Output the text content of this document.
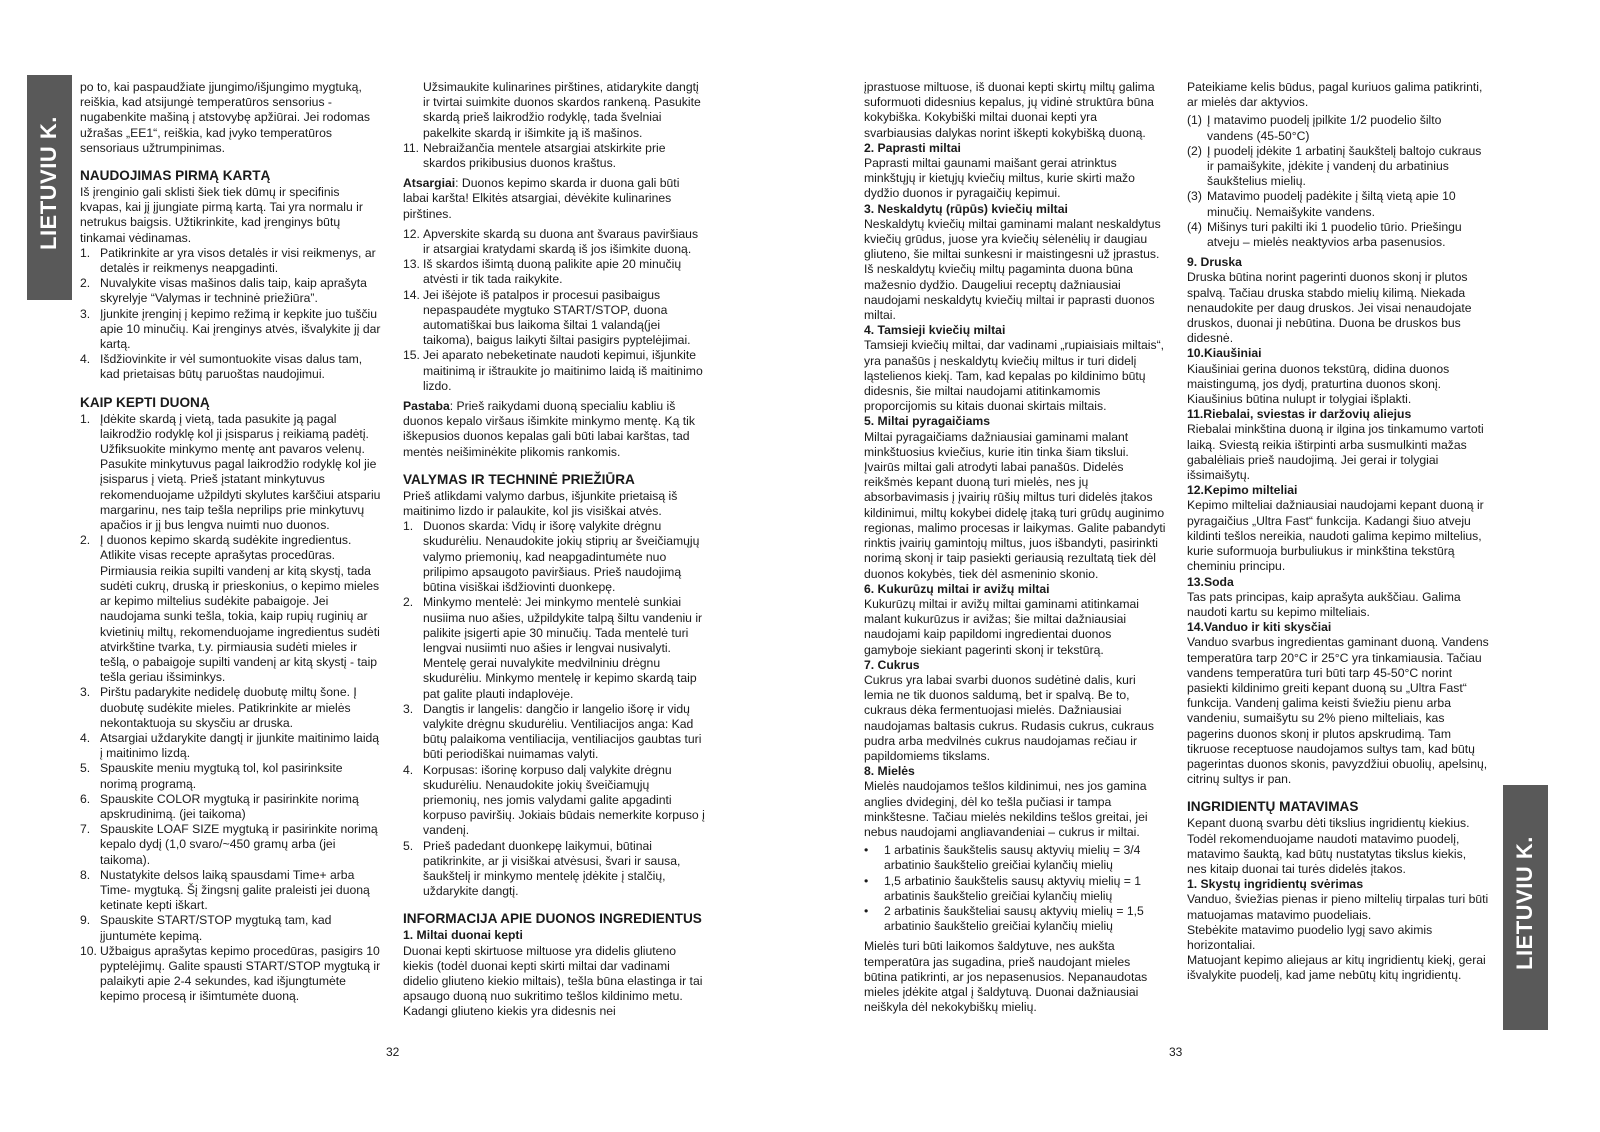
LIETUVIU K.
LIETUVIU K.

po to, kai paspaudžiate įjungimo/išjungimo mygtuką, reiškia, kad atsijungė temperatūros sensorius - nugabenkite mašiną į atstovybę apžiūrai. Jei rodomas užrašas „EE1“, reiškia, kad įvyko temperatūros sensoriaus užtrumpinimas.

NAUDOJIMAS PIRMĄ KARTĄ

Iš įrenginio gali sklisti šiek tiek dūmų ir specifinis kvapas, kai jį įjungiate pirmą kartą. Tai yra normalu ir netrukus baigsis. Užtikrinkite, kad įrenginys būtų tinkamai vėdinamas.

1. Patikrinkite ar yra visos detalės ir visi reikmenys, ar detalės ir reikmenys neapgadinti.
2. Nuvalykite visas mašinos dalis taip, kaip aprašyta skyrelyje “Valymas ir techninė priežiūra”.
3. Įjunkite įrenginį į kepimo režimą ir kepkite juo tuščiu apie 10 minučių. Kai įrenginys atvės, išvalykite jį dar kartą.
4. Išdžiovinkite ir vėl sumontuokite visas dalus tam, kad prietaisas būtų paruoštas naudojimui.
KAIP KEPTI DUONĄ
1. Įdėkite skardą į vietą, tada pasukite ją pagal laikrodžio rodyklę kol ji įsisparus į reikiamą padėtį. Užfiksuokite minkymo mentę ant pavaros velenų. Pasukite minkytuvus pagal laikrodžio rodyklę kol jie įsisparus į vietą. Prieš įstatant minkytuvus rekomenduojame užpildyti skylutes karščiui atspariu margarinu, nes taip tešla neprilips prie minkytuvų apačios ir jį bus lengva nuimti nuo duonos.
2. Į duonos kepimo skardą sudėkite ingredientus. Atlikite visas recepte aprašytas procedūras. Pirmiausia reikia supilti vandenį ar kitą skystį, tada sudėti cukrų, druską ir prieskonius, o kepimo mieles ar kepimo miltelius sudėkite pabaigoje. Jei naudojama sunki tešla, tokia, kaip rupių ruginių ar kvietinių miltų, rekomenduojame ingredientus sudėti atvirkštine tvarka, t.y. pirmiausia sudėti mieles ir tešlą, o pabaigoje supilti vandenį ar kitą skystį - taip tešla geriau išsiminkys.
3. Pirštu padarykite nedidelę duobutę miltų šone. Į duobutę sudėkite mieles. Patikrinkite ar mielės nekontaktuoja su skysčiu ar druska.
4. Atsargiai uždarykite dangtį ir įjunkite maitinimo laidą į maitinimo lizdą.
5. Spauskite meniu mygtuką tol, kol pasirinksite norimą programą.
6. Spauskite COLOR mygtuką ir pasirinkite norimą apskrudinimą. (jei taikoma)
7. Spauskite LOAF SIZE mygtuką ir pasirinkite norimą kepalo dydį (1,0 svaro/~450 gramų arba (jei taikoma).
8. Nustatykite delsos laiką spausdami Time+ arba Time- mygtuką. Šį žingsnį galite praleisti jei duoną ketinate kepti iškart.
9. Spauskite START/STOP mygtuką tam, kad įjuntumėte kepimą.
10. Užbaigus aprašytas kepimo procedūras, pasigirs 10 pyptelėjimų. Galite spausti START/STOP mygtuką ir palaikyti apie 2-4 sekundes, kad išjungtumėte kepimo procesą ir išimtumėte duoną.
Užsimaukite kulinarines pirštines, atidarykite dangtį ir tvirtai suimkite duonos skardos rankeną. Pasukite skardą prieš laikrodžio rodyklę, tada švelniai pakelkite skardą ir išimkite ją iš mašinos.
11. Nebraižančia mentele atsargiai atskirkite prie skardos prikibusius duonos kraštus.

Atsargiai: Duonos kepimo skarda ir duona gali būti labai karšta! Elkitės atsargiai, dėvėkite kulinarines pirštines.

12. Apverskite skardą su duona ant švaraus paviršiaus ir atsargiai kratydami skardą iš jos išimkite duoną.
13. Iš skardos išimtą duoną palikite apie 20 minučių atvėsti ir tik tada raikykite.
14. Jei išėjote iš patalpos ir procesui pasibaigus nepaspaudėte mygtuko START/STOP, duona automatiškai bus laikoma šiltai 1 valandą(jei taikoma), baigus laikyti šiltai pasigirs pyptelėjimai.
15. Jei aparato nebeketinate naudoti kepimui, išjunkite maitinimą ir ištraukite jo maitinimo laidą iš maitinimo lizdo.

Pastaba: Prieš raikydami duoną specialiu kabliu iš duonos kepalo viršaus išimkite minkymo mentę. Ką tik iškepusios duonos kepalas gali būti labai karštas, tad mentės neišiminėkite plikomis rankomis.

VALYMAS IR TECHNINĖ PRIEŽIŪRA

Prieš atlikdami valymo darbus, išjunkite prietaisą iš maitinimo lizdo ir palaukite, kol jis visiškai atvės.

1. Duonos skarda: Vidų ir išorę valykite drėgnu skudurėliu. Nenaudokite jokių stiprių ar šveičiamųjų valymo priemonių, kad neapgadintumėte nuo prilipimo apsaugoto paviršiaus. Prieš naudojimą būtina visiškai išdžiovinti duonkepę.
2. Minkymo mentelė: Jei minkymo mentelė sunkiai nusiima nuo ašies, užpildykite talpą šiltu vandeniu ir palikite įsigerti apie 30 minučių. Tada mentelė turi lengvai nusiimti nuo ašies ir lengvai nusivalyti. Mentelę gerai nuvalykite medvilniniu drėgnu skudurėliu. Minkymo mentelę ir kepimo skardą taip pat galite plauti indaplovėje.
3. Dangtis ir langelis: dangčio ir langelio išorę ir vidų valykite drėgnu skudurėliu. Ventiliacijos anga: Kad būtų palaikoma ventiliacija, ventiliacijos gaubtas turi būti periodiškai nuimamas valyti.
4. Korpusas: išorinę korpuso dalį valykite drėgnu skudurėliu. Nenaudokite jokių šveičiamųjų priemonių, nes jomis valydami galite apgadinti korpuso paviršių. Jokiais būdais nemerkite korpuso į vandenį.
5. Prieš padedant duonkepę laikymui, būtinai patikrinkite, ar ji visiškai atvėsusi, švari ir sausa, šaukštelį ir minkymo mentelę įdėkite į stalčių, uždarykite dangtį.
INFORMACIJA APIE DUONOS INGREDIENTUS
1. Miltai duonai kepti

Duonai kepti skirtuose miltuose yra didelis gliuteno kiekis (todėl duonai kepti skirti miltai dar vadinami didelio gliuteno kiekio miltais), tešla būna elastinga ir tai apsaugo duoną nuo sukritimo tešlos kildinimo metu. Kadangi gliuteno kiekis yra didesnis nei

įprastuose miltuose, iš duonai kepti skirtų miltų galima suformuoti didesnius kepalus, jų vidinė struktūra būna kokybiška. Kokybiški miltai duonai kepti yra svarbiausias dalykas norint iškepti kokybišką duoną.

2. Paprasti miltai

Paprasti miltai gaunami maišant gerai atrinktus minkštųjų ir kietųjų kviečių miltus, kurie skirti mažo dydžio duonos ir pyragaičių kepimui.

3. Neskaldytų (rūpūs) kviečių miltai

Neskaldytų kviečių miltai gaminami malant neskaldytus kviečių grūdus, juose yra kviečių sėlenėlių ir daugiau gliuteno, šie miltai sunkesni ir maistingesni už įprastus. Iš neskaldytų kviečių miltų pagaminta duona būna mažesnio dydžio. Daugeliui receptų dažniausiai naudojami neskaldytų kviečių miltai ir paprasti duonos miltai.

4. Tamsieji kviečių miltai

Tamsieji kviečių miltai, dar vadinami „rupiaisiais miltais“, yra panašūs į neskaldytų kviečių miltus ir turi didelį ląstelienos kiekį. Tam, kad kepalas po kildinimo būtų didesnis, šie miltai naudojami atitinkamomis proporcijomis su kitais duonai skirtais miltais.

5. Miltai pyragaičiams

Miltai pyragaičiams dažniausiai gaminami malant minkštuosius kviečius, kurie itin tinka šiam tikslui. Įvairūs miltai gali atrodyti labai panašūs. Didelės reikšmės kepant duoną turi mielės, nes jų absorbavimasis į įvairių rūšių miltus turi didelės įtakos kildinimui, miltų kokybei didelę įtaką turi grūdų auginimo regionas, malimo procesas ir laikymas. Galite pabandyti rinktis įvairių gamintojų miltus, juos išbandyti, pasirinkti norimą skonį ir taip pasiekti geriausią rezultatą tiek dėl duonos kokybės, tiek dėl asmeninio skonio.

6. Kukurūzų miltai ir avižų miltai

Kukurūzų miltai ir avižų miltai gaminami atitinkamai malant kukurūzus ir avižas; šie miltai dažniausiai naudojami kaip papildomi ingredientai duonos gamyboje siekiant pagerinti skonį ir tekstūrą.

7. Cukrus

Cukrus yra labai svarbi duonos sudėtinė dalis, kuri lemia ne tik duonos saldumą, bet ir spalvą. Be to, cukraus dėka fermentuojasi mielės. Dažniausiai naudojamas baltasis cukrus. Rudasis cukrus, cukraus pudra arba medvilnės cukrus naudojamas rečiau ir papildomiems tikslams.

8. Mielės

Mielės naudojamos tešlos kildinimui, nes jos gamina anglies dvideginį, dėl ko tešla pučiasi ir tampa minkštesne. Tačiau mielės nekildins tešlos greitai, jei nebus naudojami angliavandeniai – cukrus ir miltai.

• 1 arbatinis šaukštelis sausų aktyvių mielių = 3/4 arbatinio šaukštelio greičiai kylančių mielių
• 1,5 arbatinio šaukštelis sausų aktyvių mielių = 1 arbatinis šaukštelio greičiai kylančių mielių
• 2 arbatinis šaukšteliai sausų aktyvių mielių = 1,5 arbatinio šaukštelio greičiai kylančių mielių

Mielės turi būti laikomos šaldytuve, nes aukšta temperatūra jas sugadina, prieš naudojant mieles būtina patikrinti, ar jos nepasenusios. Nepanaudotas mieles įdėkite atgal į šaldytuvą. Duonai dažniausiai neiškyla dėl nekokybiškų mielių.

Pateikiame kelis būdus, pagal kuriuos galima patikrinti, ar mielės dar aktyvios.

(1) Į matavimo puodelį įpilkite 1/2 puodelio šilto vandens (45-50°C)
(2) Į puodelį įdėkite 1 arbatinį šaukštelį baltojo cukraus ir pamaišykite, įdėkite į vandenį du arbatinius šaukštelius mielių.
(3) Matavimo puodelį padėkite į šiltą vietą apie 10 minučių. Nemaišykite vandens.
(4) Mišinys turi pakilti iki 1 puodelio tūrio. Priešingu atveju – mielės neaktyvios arba pasenusios.
9. Druska

Druska būtina norint pagerinti duonos skonį ir plutos spalvą. Tačiau druska stabdo mielių kilimą. Niekada nenaudokite per daug druskos. Jei visai nenaudojate druskos, duonai ji nebūtina. Duona be druskos bus didesnė.

10.Kiaušiniai

Kiaušiniai gerina duonos tekstūrą, didina duonos maistingumą, jos dydį, praturtina duonos skonį. Kiaušinius būtina nulupt ir tolygiai išplakti.

11.Riebalai, sviestas ir daržovių aliejus

Riebalai minkština duoną ir ilgina jos tinkamumo vartoti laiką. Sviestą reikia ištirpinti arba susmulkinti mažas gabalėliais prieš naudojimą. Jei gerai ir tolygiai išsimaišytų.

12.Kepimo milteliai

Kepimo milteliai dažniausiai naudojami kepant duoną ir pyragaičius „Ultra Fast“ funkcija. Kadangi šiuo atveju kildinti tešlos nereikia, naudoti galima kepimo miltelius, kurie suformuoja burbuliukus ir minkština tekstūrą cheminiu principu.

13.Soda

Tas pats principas, kaip aprašyta aukščiau. Galima naudoti kartu su kepimo milteliais.

14.Vanduo ir kiti skysčiai

Vanduo svarbus ingredientas gaminant duoną. Vandens temperatūra tarp 20°C ir 25°C yra tinkamiausia. Tačiau vandens temperatūra turi būti tarp 45-50°C norint pasiekti kildinimo greiti kepant duoną su „Ultra Fast“ funkcija. Vandenį galima keisti šviežiu pienu arba vandeniu, sumaišytu su 2% pieno milteliais, kas pagerins duonos skonį ir plutos apskrudimą. Tam tikruose receptuose naudojamos sultys tam, kad būtų pagerintas duonos skonis, pavyzdžiui obuolių, apelsinų, citrinų sultys ir pan.

INGRIDIENTŲ MATAVIMAS

Kepant duoną svarbu dėti tikslius ingridientų kiekius. Todėl rekomenduojame naudoti matavimo puodelį, matavimo šauktą, kad būtų nustatytas tikslus kiekis, nes kitaip duonai tai turės didelės įtakos.

1. Skystų ingridientų svėrimas

Vanduo, šviežias pienas ir pieno miltelių tirpalas turi būti matuojamas matavimo puodeliais.

Stebėkite matavimo puodelio lygį savo akimis horizontaliai.

Matuojant kepimo aliejaus ar kitų ingridientų kiekį, gerai išvalykite puodelį, kad jame nebūtų kitų ingridientų.

32	33
